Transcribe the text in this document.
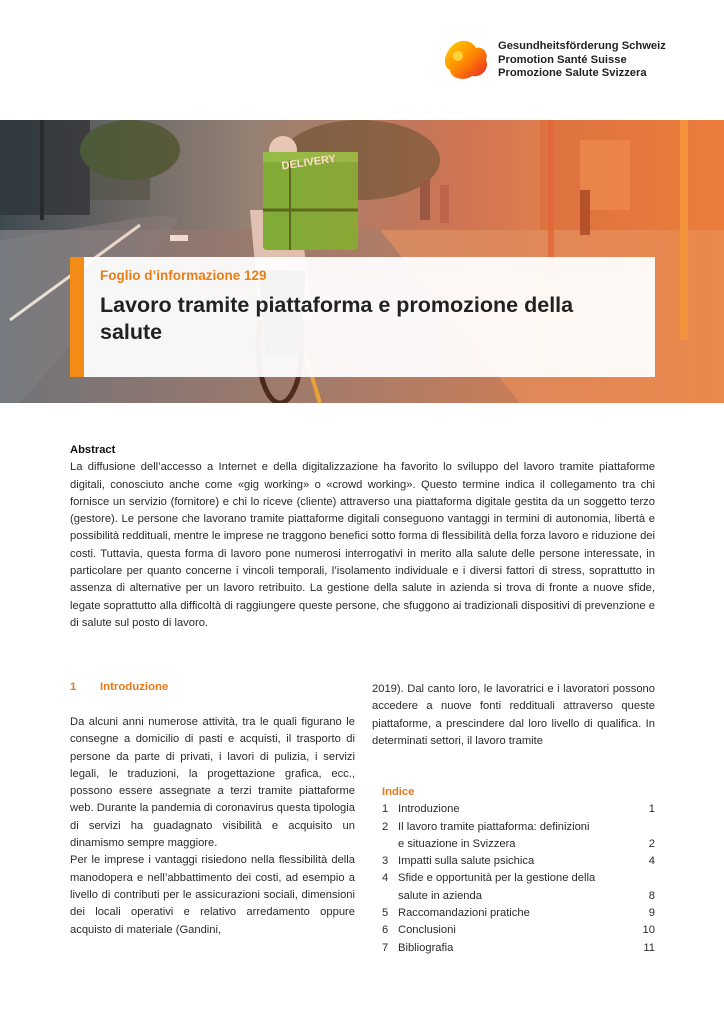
Gesundheitsförderung Schweiz
Promotion Santé Suisse
Promozione Salute Svizzera
Foglio d’informazione 129
Lavoro tramite piattaforma e promozione della salute
Abstract

La diffusione dell’accesso a Internet e della digitalizzazione ha favorito lo sviluppo del lavoro tramite piattaforme digitali, conosciuto anche come «gig working» o «crowd working». Questo termine indica il collegamento tra chi fornisce un servizio (fornitore) e chi lo riceve (cliente) attraverso una piattaforma digitale gestita da un soggetto terzo (gestore). Le persone che lavorano tramite piattaforme digitali conseguono vantaggi in termini di autonomia, libertà e possibilità reddituali, mentre le imprese ne traggono benefici sotto forma di flessibilità della forza lavoro e riduzione dei costi. Tuttavia, questa forma di lavoro pone numerosi interrogativi in merito alla salute delle persone interessate, in particolare per quanto concerne i vincoli temporali, l’isolamento individuale e i diversi fattori di stress, soprattutto in assenza di alternative per un lavoro retribuito. La gestione della salute in azienda si trova di fronte a nuove sfide, legate soprattutto alla difficoltà di raggiungere queste persone, che sfuggono ai tradizionali dispositivi di prevenzione e di salute sul posto di lavoro.

1 Introduzione

Da alcuni anni numerose attività, tra le quali figurano le consegne a domicilio di pasti e acquisti, il trasporto di persone da parte di privati, i lavori di pulizia, i servizi legali, le traduzioni, la progettazione grafica, ecc., possono essere assegnate a terzi tramite piattaforme web. Durante la pandemia di coronavirus questa tipologia di servizi ha guadagnato visibilità e acquisito un dinamismo sempre maggiore.

Per le imprese i vantaggi risiedono nella flessibilità della manodopera e nell’abbattimento dei costi, ad esempio a livello di contributi per le assicurazioni sociali, dimensioni dei locali operativi e relativo arredamento oppure acquisto di materiale (Gandini,

2019). Dal canto loro, le lavoratrici e i lavoratori possono accedere a nuove fonti reddituali attraverso queste piattaforme, a prescindere dal loro livello di qualifica. In determinati settori, il lavoro tramite

Indice
1 Introduzione	1
2 Il lavoro tramite piattaforma: definizioni
e situazione in Svizzera	2
3 Impatti sulla salute psichica	4
4 Sfide e opportunità per la gestione della
salute in azienda	8
5 Raccomandazioni pratiche	9
6 Conclusioni	10
7 Bibliografia	11
